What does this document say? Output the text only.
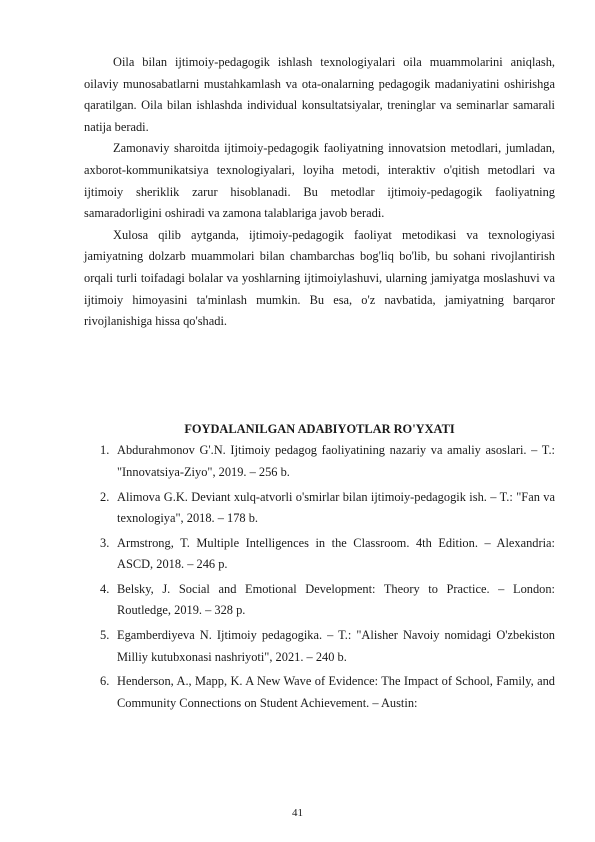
Oila bilan ijtimoiy-pedagogik ishlash texnologiyalari oila muammolarini aniqlash, oilaviy munosabatlarni mustahkamlash va ota-onalarning pedagogik madaniyatini oshirishga qaratilgan. Oila bilan ishlashda individual konsultatsiyalar, treninglar va seminarlar samarali natija beradi.

Zamonaviy sharoitda ijtimoiy-pedagogik faoliyatning innovatsion metodlari, jumladan, axborot-kommunikatsiya texnologiyalari, loyiha metodi, interaktiv o'qitish metodlari va ijtimoiy sheriklik zarur hisoblanadi. Bu metodlar ijtimoiy-pedagogik faoliyatning samaradorligini oshiradi va zamona talablariga javob beradi.

Xulosa qilib aytganda, ijtimoiy-pedagogik faoliyat metodikasi va texnologiyasi jamiyatning dolzarb muammolari bilan chambarchas bog'liq bo'lib, bu sohani rivojlantirish orqali turli toifadagi bolalar va yoshlarning ijtimoiylashuvi, ularning jamiyatga moslashuvi va ijtimoiy himoyasini ta'minlash mumkin. Bu esa, o'z navbatida, jamiyatning barqaror rivojlanishiga hissa qo'shadi.

FOYDALANILGAN ADABIYOTLAR RO'YXATI
1. Abdurahmonov G'.N. Ijtimoiy pedagog faoliyatining nazariy va amaliy asoslari. – T.: "Innovatsiya-Ziyo", 2019. – 256 b.
2. Alimova G.K. Deviant xulq-atvorli o'smirlar bilan ijtimoiy-pedagogik ish. – T.: "Fan va texnologiya", 2018. – 178 b.
3. Armstrong, T. Multiple Intelligences in the Classroom. 4th Edition. – Alexandria: ASCD, 2018. – 246 p.
4. Belsky, J. Social and Emotional Development: Theory to Practice. – London: Routledge, 2019. – 328 p.
5. Egamberdiyeva N. Ijtimoiy pedagogika. – T.: "Alisher Navoiy nomidagi O'zbekiston Milliy kutubxonasi nashriyoti", 2021. – 240 b.
6. Henderson, A., Mapp, K. A New Wave of Evidence: The Impact of School, Family, and Community Connections on Student Achievement. – Austin:
41
